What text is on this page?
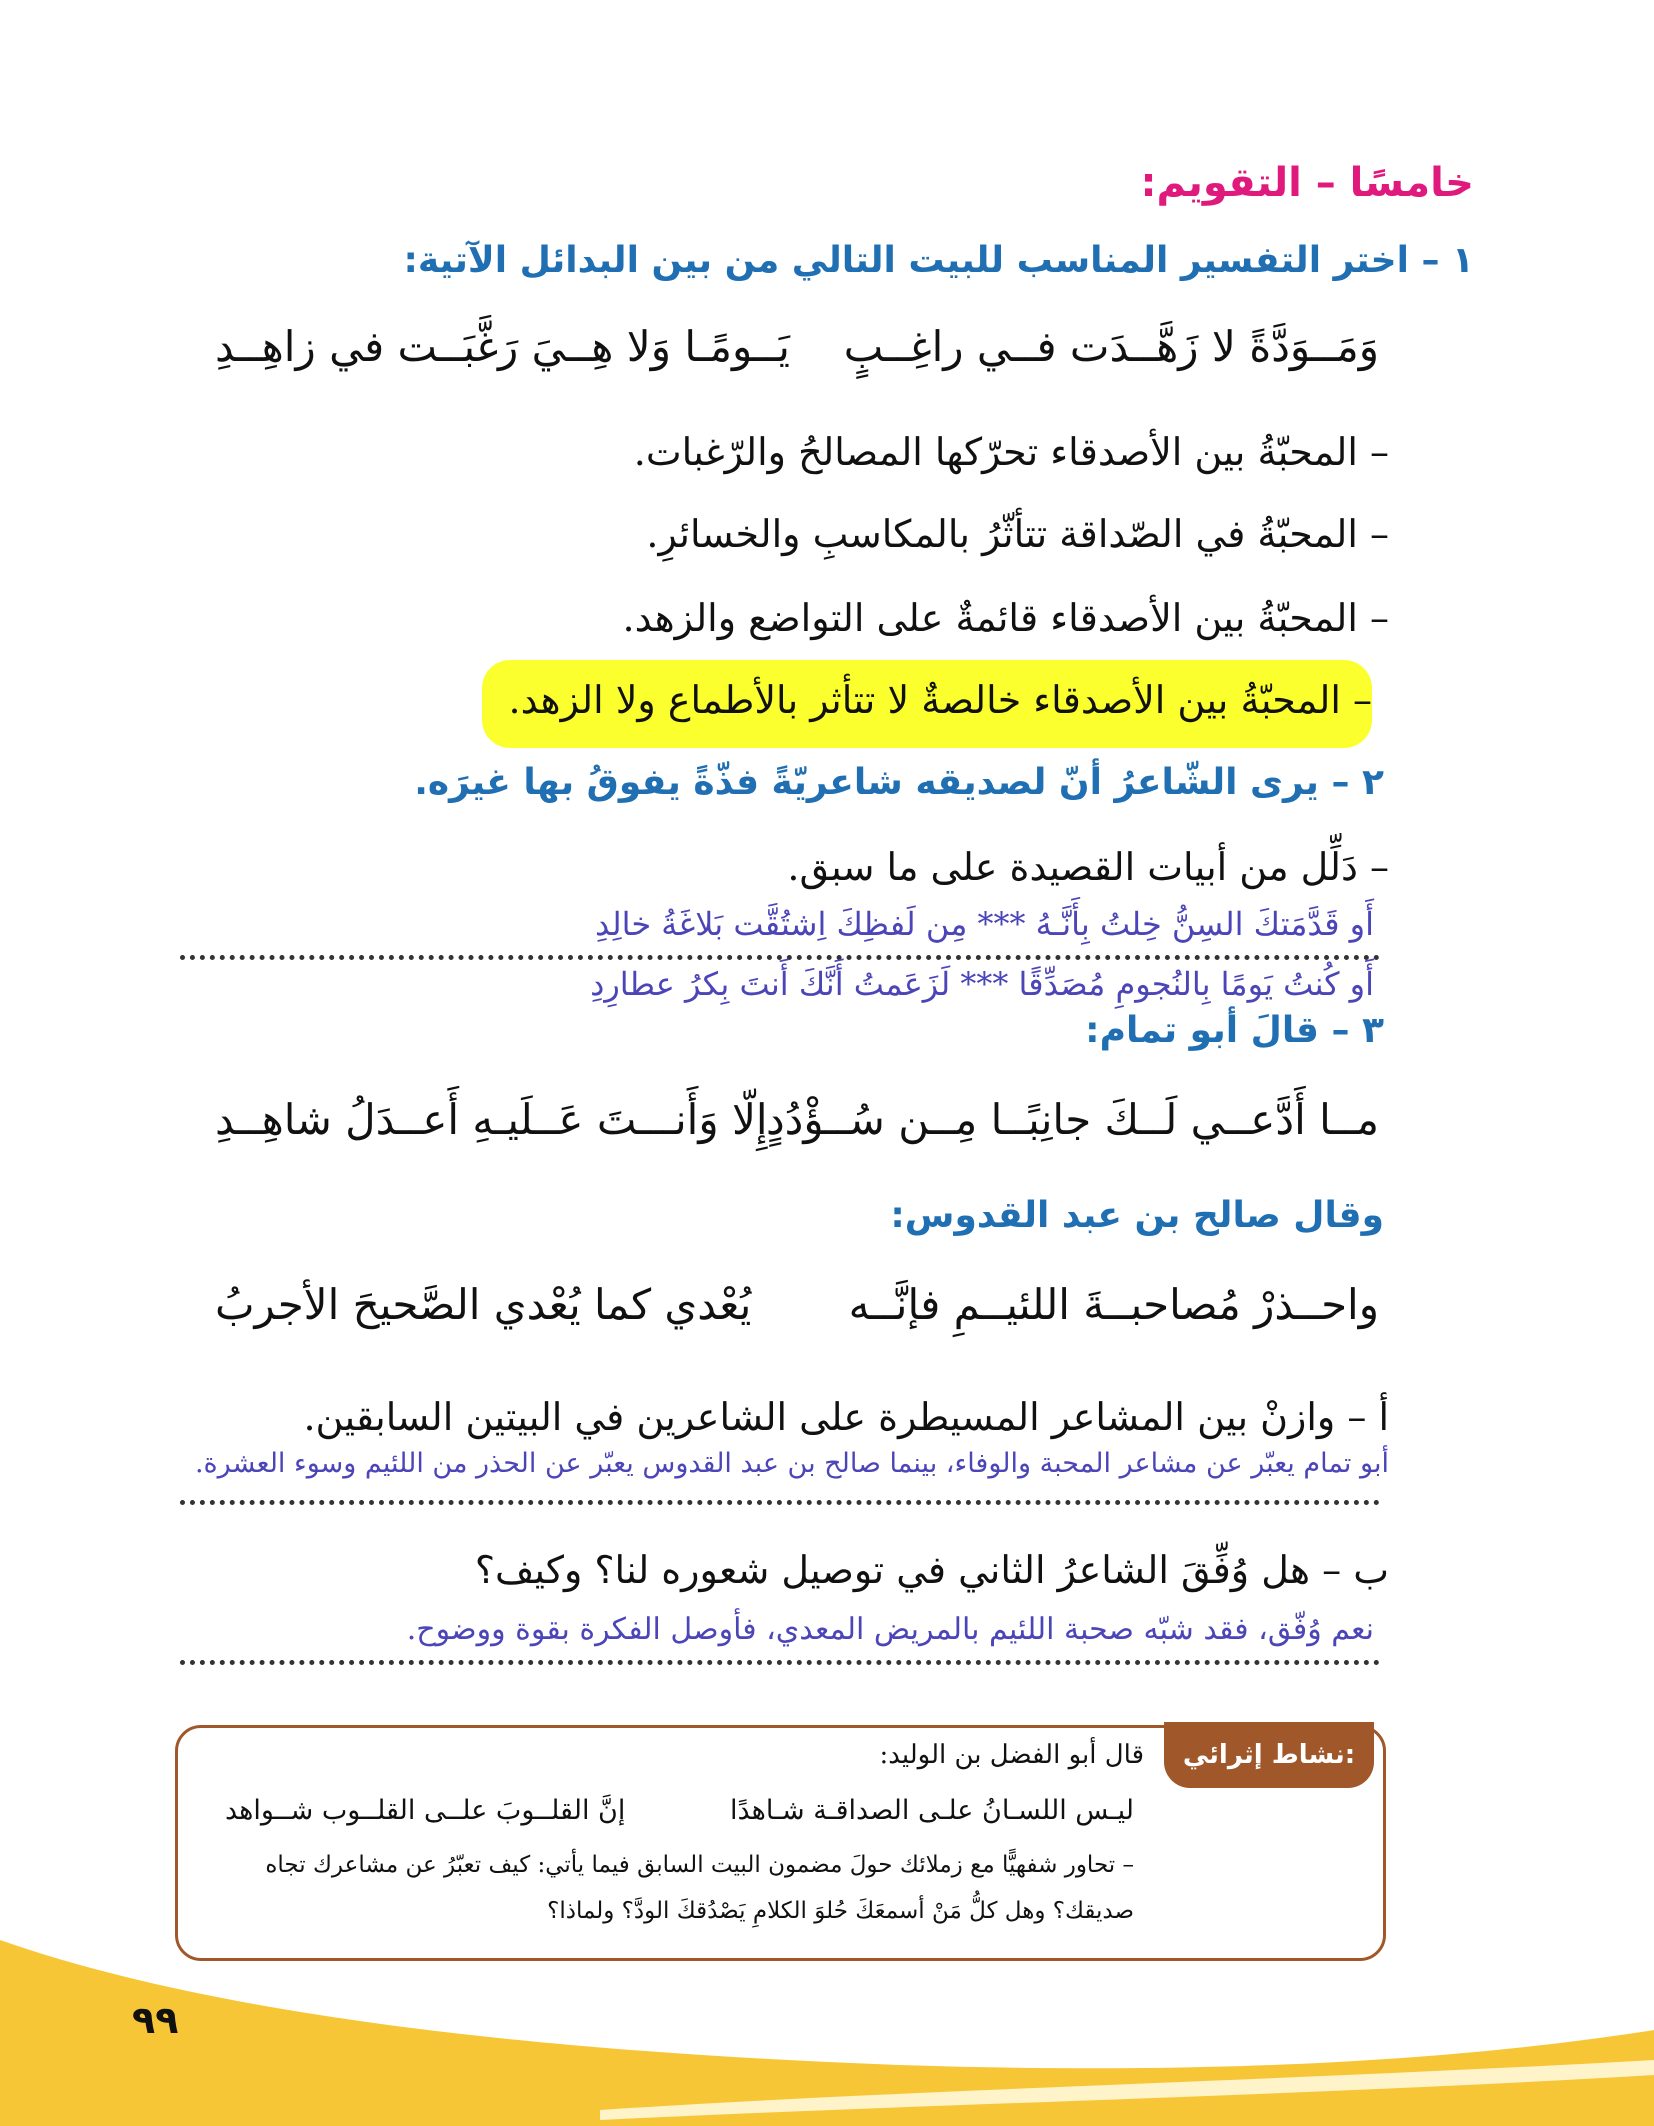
خامسًا – التقويم:
١ – اختر التفسير المناسب للبيت التالي من بين البدائل الآتية:
وَمَــوَدَّةً لا زَهَّــدَت فــي راغِــبٍ
يَــومًـا وَلا هِــيَ رَغَّبَــت في زاهِــدِ
– المحبّةُ بين الأصدقاء تحرّكها المصالحُ والرّغبات.
– المحبّةُ في الصّداقة تتأثّرُ بالمكاسبِ والخسائرِ.
– المحبّةُ بين الأصدقاء قائمةٌ على التواضع والزهد.
– المحبّةُ بين الأصدقاء خالصةٌ لا تتأثر بالأطماع ولا الزهد.
٢ – يرى الشّاعرُ أنّ لصديقه شاعريّةً فذّةً يفوقُ بها غيرَه.
– دَلِّل من أبيات القصيدة على ما سبق.
أَو قَدَّمَتكَ السِنُّ خِلتُ بِأَنَّـهُ *** مِن لَفظِكَ اِشتُقَّت بَلاغَةُ خالِدِ
أَو كُنتُ يَومًا بِالنُجومِ مُصَدِّقًا *** لَزَعَمتُ أَنَّكَ أَنتَ بِكرُ عطارِدِ
٣ – قالَ أبو تمام:
مــا أَدَّعــي لَــكَ جانِبًــا مِــن سُــؤْدُدٍ
إِلّا وَأَنـــتَ عَــلَيـهِ أَعــدَلُ شاهِــدِ
وقال صالح بن عبد القدوس:
واحــذرْ مُصاحبــةَ اللئيــمِ فإنَّــه
يُعْدي كما يُعْدي الصَّحيحَ الأجربُ
أ – وازنْ بين المشاعر المسيطرة على الشاعرين في البيتين السابقين.
أبو تمام يعبّر عن مشاعر المحبة والوفاء، بينما صالح بن عبد القدوس يعبّر عن الحذر من اللئيم وسوء العشرة.
ب – هل وُفِّقَ الشاعرُ الثاني في توصيل شعوره لنا؟ وكيف؟
نعم وُفّق، فقد شبّه صحبة اللئيم بالمريض المعدي، فأوصل الفكرة بقوة ووضوح.
نشاط إثرائي:
قال أبو الفضل بن الوليد:
ليـس اللسـانُ علـى الصداقـة شـاهدًا
إنَّ القلــوبَ علــى القلــوب شــواهد
– تحاور شفهيًّا مع زملائك حولَ مضمون البيت السابق فيما يأتي: كيف تعبّرُ عن مشاعرك تجاه
صديقك؟ وهل كلُّ مَنْ أسمعَكَ حُلوَ الكلامِ يَصْدُقكَ الودَّ؟ ولماذا؟
٩٩
